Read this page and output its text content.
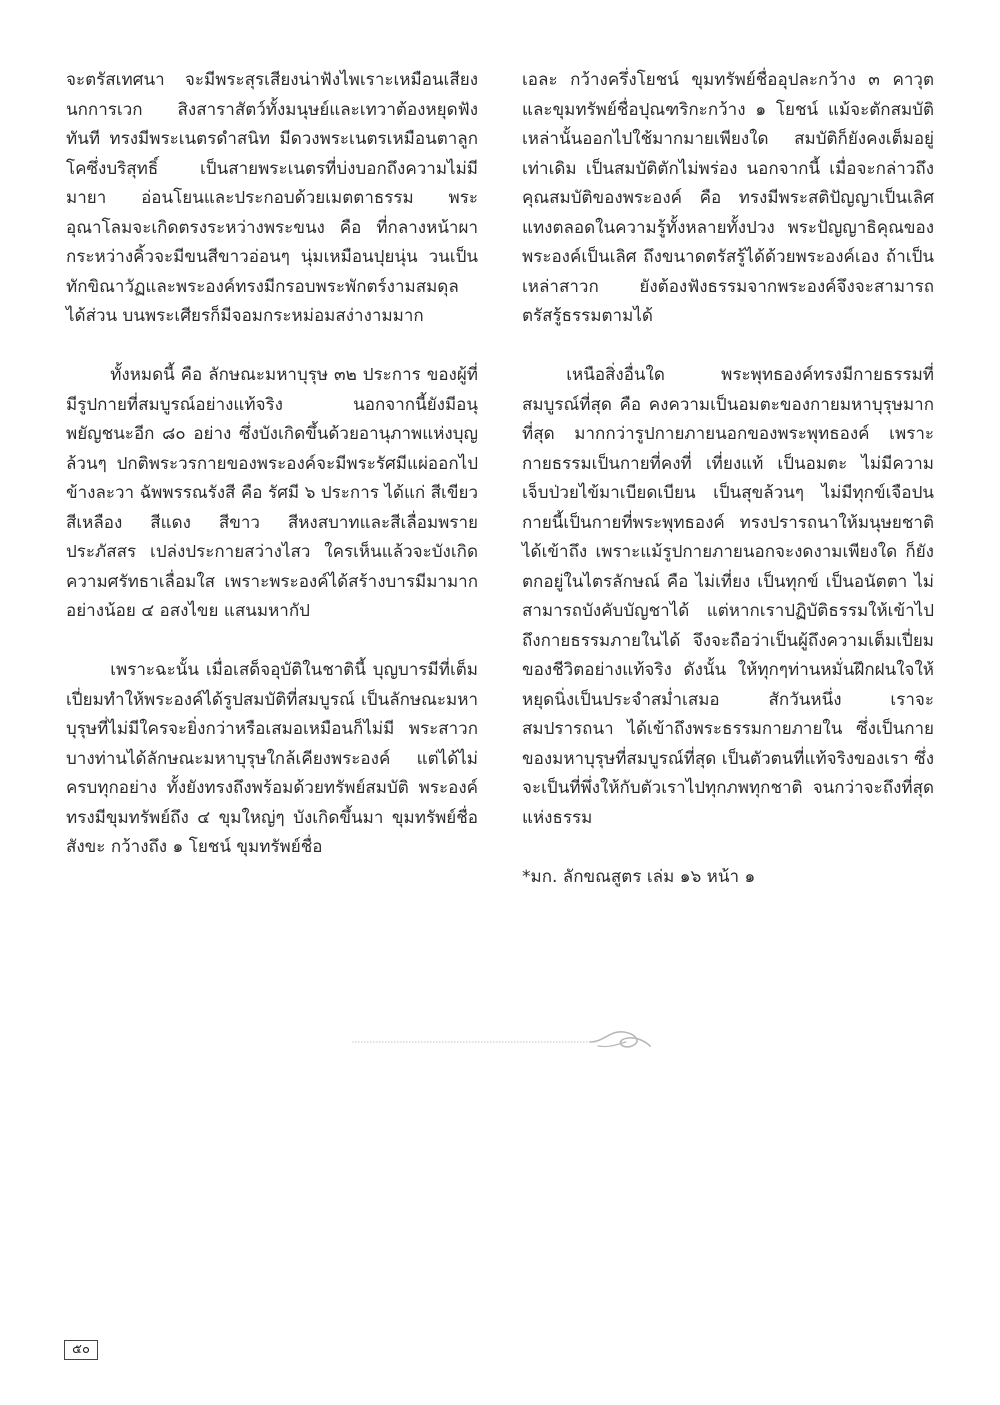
จะตรัสเทศนา จะมีพระสุรเสียงน่าฟังไพเราะเหมือนเสียงนกการเวก สิงสาราสัตว์ทั้งมนุษย์และเทวาต้องหยุดฟังทันที ทรงมีพระเนตรดำสนิท มีดวงพระเนตรเหมือนตาลูกโคซึ่งบริสุทธิ์ เป็นสายพระเนตรที่บ่งบอกถึงความไม่มีมายา อ่อนโยนและประกอบด้วยเมตตาธรรม พระอุณาโลมจะเกิดตรงระหว่างพระขนง คือ ที่กลางหน้าผากระหว่างคิ้วจะมีขนสีขาวอ่อนๆ นุ่มเหมือนปุยนุ่น วนเป็นทักขิณาวัฏและพระองค์ทรงมีกรอบพระพักตร์งามสมดุลได้ส่วน บนพระเศียรก็มีจอมกระหม่อมสง่างามมาก

ทั้งหมดนี้ คือ ลักษณะมหาบุรุษ ๓๒ ประการ ของผู้ที่มีรูปกายที่สมบูรณ์อย่างแท้จริง นอกจากนี้ยังมีอนุพยัญชนะอีก ๘๐ อย่าง ซึ่งบังเกิดขึ้นด้วยอานุภาพแห่งบุญล้วนๆ ปกติพระวรกายของพระองค์จะมีพระรัศมีแผ่ออกไปข้างละวา ฉัพพรรณรังสี คือ รัศมี ๖ ประการ ได้แก่ สีเขียว สีเหลือง สีแดง สีขาว สีหงสบาทและสีเลื่อมพรายประภัสสร เปล่งประกายสว่างไสว ใครเห็นแล้วจะบังเกิดความศรัทธาเลื่อมใส เพราะพระองค์ได้สร้างบารมีมามาก อย่างน้อย ๔ อสงไขย แสนมหากัป

เพราะฉะนั้น เมื่อเสด็จอุบัติในชาตินี้ บุญบารมีที่เต็มเปี่ยมทำให้พระองค์ได้รูปสมบัติที่สมบูรณ์ เป็นลักษณะมหาบุรุษที่ไม่มีใครจะยิ่งกว่าหรือเสมอเหมือนก็ไม่มี พระสาวกบางท่านได้ลักษณะมหาบุรุษใกล้เคียงพระองค์ แต่ได้ไม่ครบทุกอย่าง ทั้งยังทรงถึงพร้อมด้วยทรัพย์สมบัติ พระองค์ทรงมีขุมทรัพย์ถึง ๔ ขุมใหญ่ๆ บังเกิดขึ้นมา ขุมทรัพย์ชื่อสังขะ กว้างถึง ๑ โยชน์ ขุมทรัพย์ชื่อ

เอละ กว้างครึ่งโยชน์ ขุมทรัพย์ชื่ออุปละกว้าง ๓ คาวุต และขุมทรัพย์ชื่อปุณฑริกะกว้าง ๑ โยชน์ แม้จะตักสมบัติเหล่านั้นออกไปใช้มากมายเพียงใด สมบัติก็ยังคงเต็มอยู่เท่าเดิม เป็นสมบัติตักไม่พร่อง นอกจากนี้ เมื่อจะกล่าวถึงคุณสมบัติของพระองค์ คือ ทรงมีพระสติปัญญาเป็นเลิศ แทงตลอดในความรู้ทั้งหลายทั้งปวง พระปัญญาธิคุณของพระองค์เป็นเลิศ ถึงขนาดตรัสรู้ได้ด้วยพระองค์เอง ถ้าเป็นเหล่าสาวก ยังต้องฟังธรรมจากพระองค์จึงจะสามารถตรัสรู้ธรรมตามได้

เหนือสิ่งอื่นใด พระพุทธองค์ทรงมีกายธรรมที่สมบูรณ์ที่สุด คือ คงความเป็นอมตะของกายมหาบุรุษมากที่สุด มากกว่ารูปกายภายนอกของพระพุทธองค์ เพราะกายธรรมเป็นกายที่คงที่ เที่ยงแท้ เป็นอมตะ ไม่มีความเจ็บป่วยไข้มาเบียดเบียน เป็นสุขล้วนๆ ไม่มีทุกข์เจือปน กายนี้เป็นกายที่พระพุทธองค์ ทรงปรารถนาให้มนุษยชาติได้เข้าถึง เพราะแม้รูปกายภายนอกจะงดงามเพียงใด ก็ยังตกอยู่ในไตรลักษณ์ คือ ไม่เที่ยง เป็นทุกข์ เป็นอนัตตา ไม่สามารถบังคับบัญชาได้ แต่หากเราปฏิบัติธรรมให้เข้าไปถึงกายธรรมภายในได้ จึงจะถือว่าเป็นผู้ถึงความเต็มเปี่ยมของชีวิตอย่างแท้จริง ดังนั้น ให้ทุกๆท่านหมั่นฝึกฝนใจให้หยุดนิ่งเป็นประจำสม่ำเสมอ สักวันหนึ่ง เราจะสมปรารถนา ได้เข้าถึงพระธรรมกายภายใน ซึ่งเป็นกายของมหาบุรุษที่สมบูรณ์ที่สุด เป็นตัวตนที่แท้จริงของเรา ซึ่งจะเป็นที่พึ่งให้กับตัวเราไปทุกภพทุกชาติ จนกว่าจะถึงที่สุดแห่งธรรม

*มก. ลักขณสูตร เล่ม ๑๖ หน้า ๑
๕๐
